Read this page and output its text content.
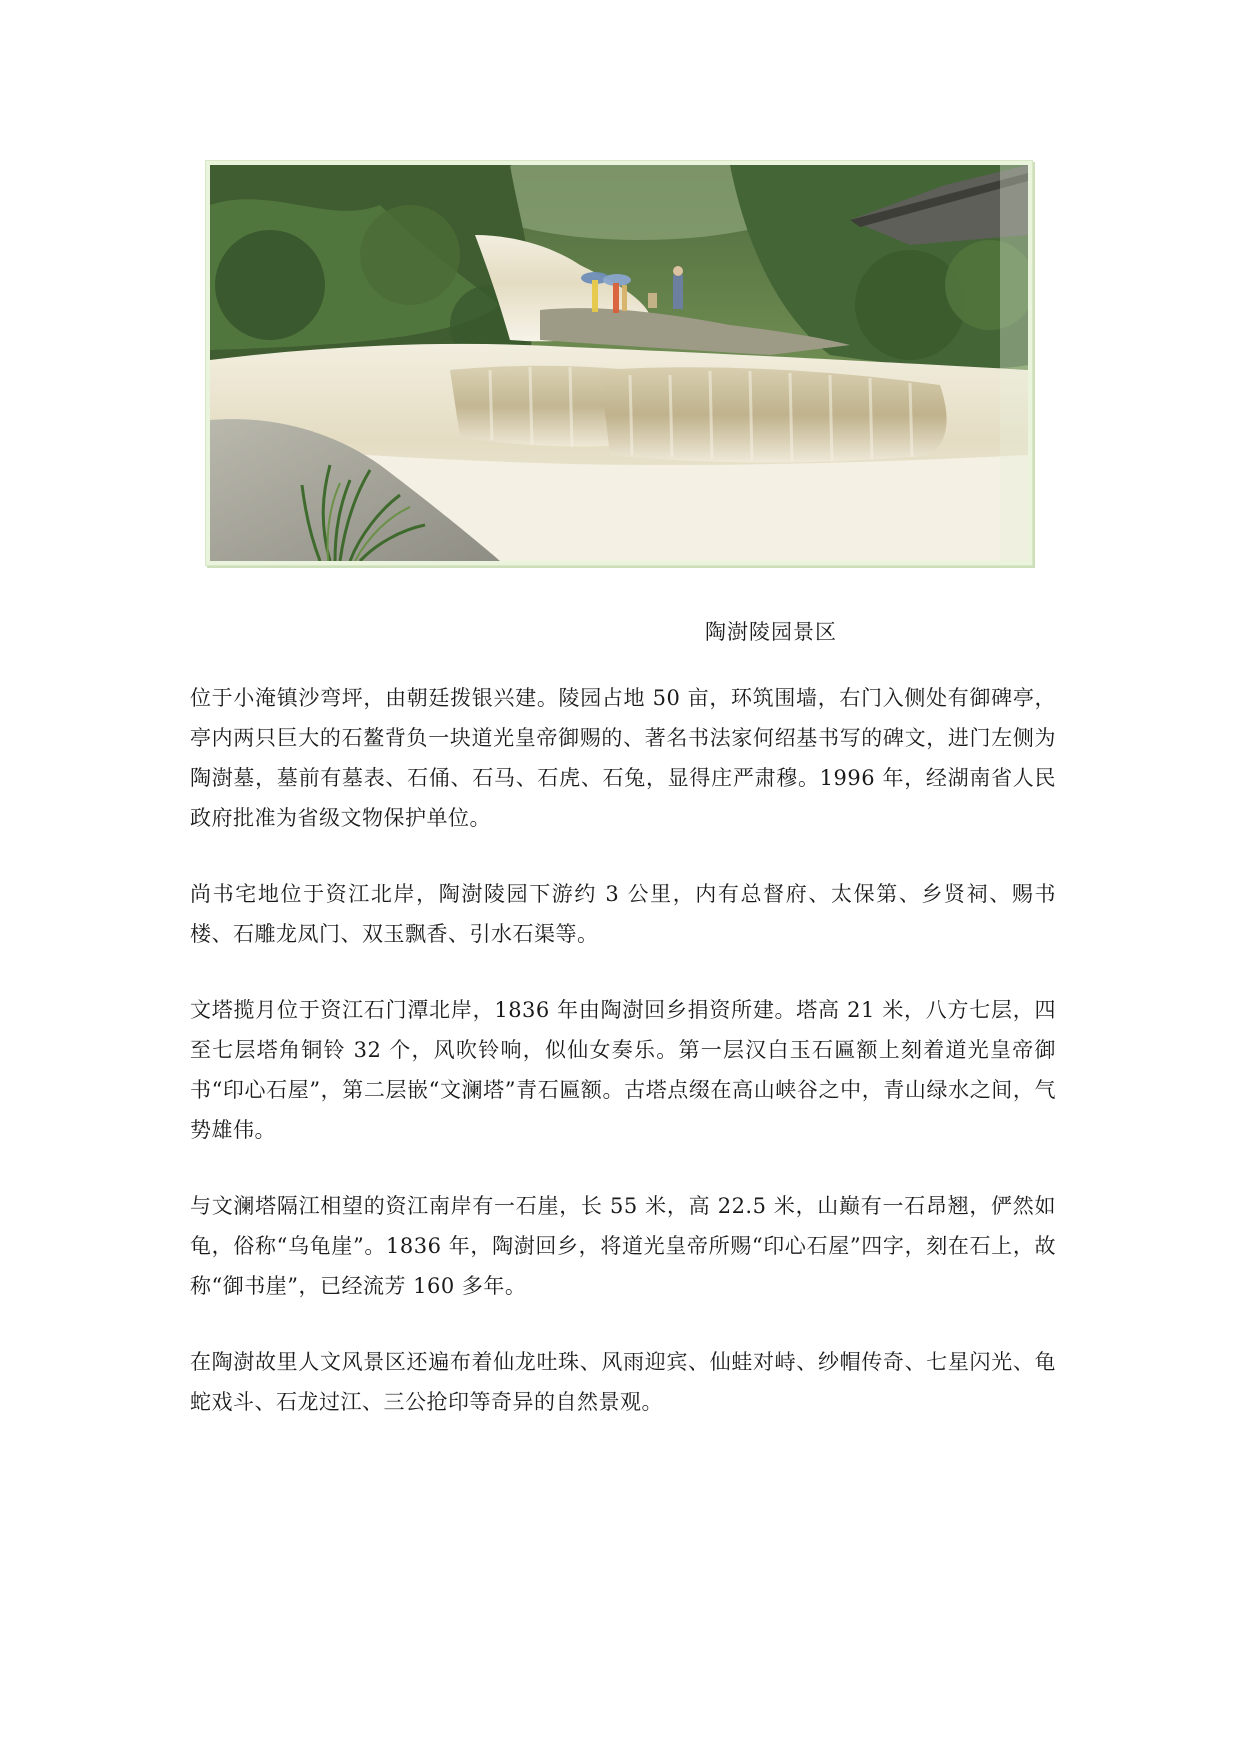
陶澍陵园景区

位于小淹镇沙弯坪，由朝廷拨银兴建。陵园占地 50 亩，环筑围墙，右门入侧处有御碑亭，亭内两只巨大的石鳌背负一块道光皇帝御赐的、著名书法家何绍基书写的碑文，进门左侧为陶澍墓，墓前有墓表、石俑、石马、石虎、石兔，显得庄严肃穆。1996 年，经湖南省人民政府批准为省级文物保护单位。

尚书宅地位于资江北岸，陶澍陵园下游约 3 公里，内有总督府、太保第、乡贤祠、赐书楼、石雕龙凤门、双玉飘香、引水石渠等。

文塔揽月位于资江石门潭北岸，1836 年由陶澍回乡捐资所建。塔高 21 米，八方七层，四至七层塔角铜铃 32 个，风吹铃响，似仙女奏乐。第一层汉白玉石匾额上刻着道光皇帝御书“印心石屋”，第二层嵌“文澜塔”青石匾额。古塔点缀在高山峡谷之中，青山绿水之间，气势雄伟。

与文澜塔隔江相望的资江南岸有一石崖，长 55 米，高 22.5 米，山巅有一石昂翘，俨然如龟，俗称“乌龟崖”。1836 年，陶澍回乡，将道光皇帝所赐“印心石屋”四字，刻在石上，故称“御书崖”，已经流芳 160 多年。

在陶澍故里人文风景区还遍布着仙龙吐珠、风雨迎宾、仙蛙对峙、纱帽传奇、七星闪光、龟蛇戏斗、石龙过江、三公抢印等奇异的自然景观。
